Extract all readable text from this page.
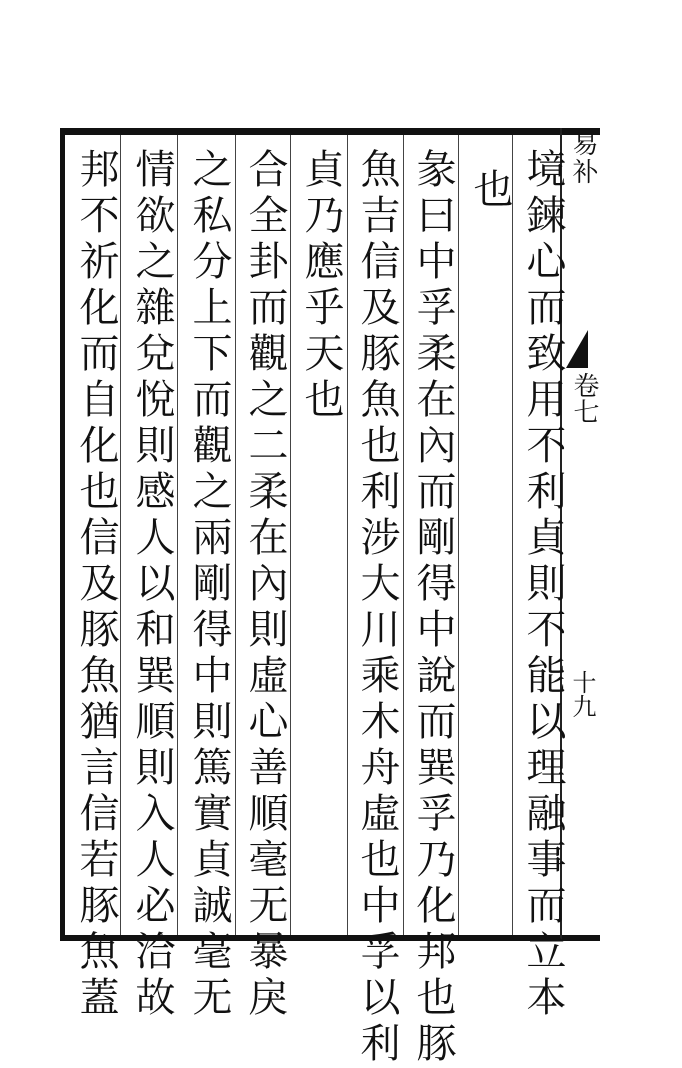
易补
卷七
十九
境鍊心而致用不利貞則不能以理融事而立本
也
彖曰中孚柔在內而剛得中說而巽孚乃化邦也豚
魚吉信及豚魚也利涉大川乘木舟虛也中孚以利
貞乃應乎天也
合全卦而觀之二柔在內則虛心善順毫无暴戾
之私分上下而觀之兩剛得中則篤實貞誠毫无
情欲之雜兌悅則感人以和巽順則入人必洽故
邦不祈化而自化也信及豚魚猶言信若豚魚蓋
